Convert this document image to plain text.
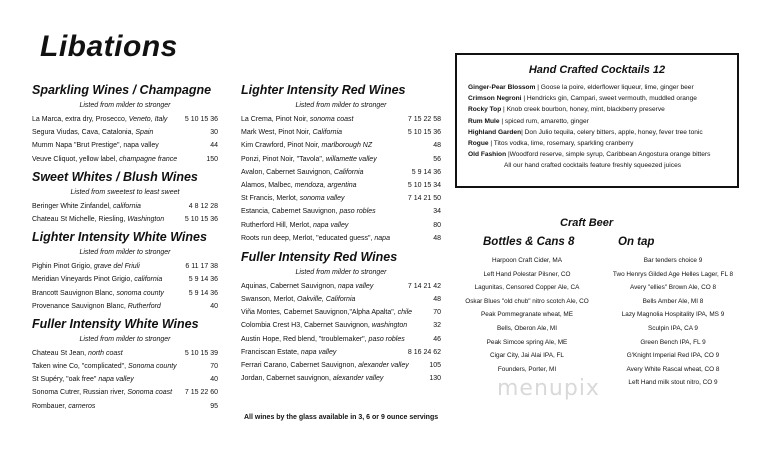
Libations
Sparkling Wines / Champagne
Listed from milder to stronger
La Marca, extra dry, Prosecco, Veneto, Italy	5 10 15 36
Segura Viudas, Cava, Catalonia, Spain	30
Mumm Napa "Brut Prestige", napa valley	44
Veuve Cliquot, yellow label, champagne france	150
Sweet Whites / Blush Wines
Listed from sweetest to least sweet
Beringer White Zinfandel, california	4 8 12 28
Chateau St Michelle, Riesling, Washington	5 10 15 36
Lighter Intensity White Wines
Listed from milder to stronger
Pighin Pinot Grigio, grave del Friuli	6 11 17 38
Meridian Vineyards Pinot Grigio, california	5 9 14 36
Brancott Sauvignon Blanc, sonoma county	5 9 14 36
Provenance Sauvignon Blanc, Rutherford	40
Fuller Intensity White Wines
Listed from milder to stronger
Chateau St Jean, north coast	5 10 15 39
Taken wine Co, "complicated", Sonoma county	70
St Supéry, "oak free" napa valley	40
Sonoma Cutrer, Russian river, Sonoma coast 7 15 22 60
Rombauer, carneros	95
Lighter Intensity Red Wines
Listed from milder to stronger
La Crema, Pinot Noir, sonoma coast	7 15 22 58
Mark West, Pinot Noir, California	5 10 15 36
Kim Crawford, Pinot Noir, marlborough NZ	48
Ponzi, Pinot Noir, "Tavola", willamette valley	56
Avalon, Cabernet Sauvignon, California	5 9 14 36
Alamos, Malbec, mendoza, argentina	5 10 15 34
St Francis, Merlot, sonoma valley	7 14 21 50
Estancia, Cabernet Sauvignon, paso robles	34
Rutherford Hill, Merlot, napa valley	80
Roots run deep, Merlot, "educated guess", napa	48
Fuller Intensity Red Wines
Listed from milder to stronger
Aquinas, Cabernet Sauvignon, napa valley	7 14 21 42
Swanson, Merlot, Oakville, California	48
Viña Montes, Cabernet Sauvignon,"Alpha Apalta", chile	70
Colombia Crest H3, Cabernet Sauvignon, washington	32
Austin Hope, Red blend, "troublemaker", paso robles	46
Franciscan Estate, napa valley	8 16 24 62
Ferrari Carano, Cabernet Sauvignon, alexander valley	105
Jordan, Cabernet sauvignon, alexander valley	130
All wines by the glass available in 3, 6 or 9 ounce servings
Hand Crafted Cocktails 12
Ginger-Pear Blossom | Goose la poire, elderflower liqueur, lime, ginger beer
Crimson Negroni | Hendricks gin, Campari, sweet vermouth, muddled orange
Rocky Top | Knob creek bourbon, honey, mint, blackberry preserve
Rum Mule | spiced rum, amaretto, ginger
Highland Garden| Don Julio tequila, celery bitters, apple, honey, fever tree tonic
Rogue | Titos vodka, lime, rosemary, sparkling cranberry
Old Fashion |Woodford reserve, simple syrup, Caribbean Angostura orange bitters
All our hand crafted cocktails feature freshly squeezed juices
Craft Beer
Bottles & Cans 8	On tap
Harpoon Craft Cider, MA
Left Hand Polestar Pilsner, CO
Lagunitas, Censored Copper Ale, CA
Oskar Blues "old chub" nitro scotch Ale, CO
Peak Pommegranate wheat, ME
Bells, Oberon Ale, MI
Peak Simcoe spring Ale, ME
Cigar City, Jai Alai IPA, FL
Founders, Porter, MI
Bar tenders choice 9
Two Henrys Gilded Age Helles Lager, FL 8
Avery "ellies" Brown Ale, CO 8
Bells Amber Ale, MI 8
Lazy Magnolia Hospitality IPA, MS 9
Sculpin IPA, CA 9
Green Bench IPA, FL 9
G'Knight Imperial Red IPA, CO 9
Avery White Rascal wheat, CO 8
Left Hand milk stout nitro, CO 9
menupix
